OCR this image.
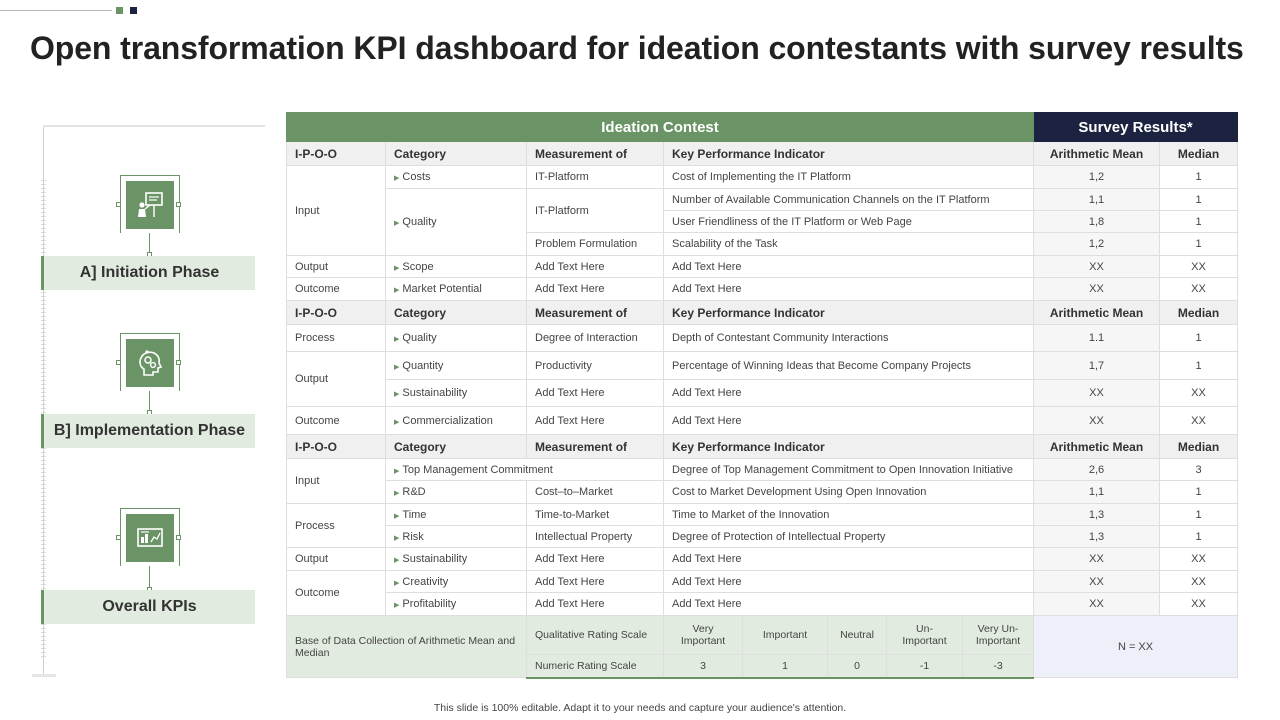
Open transformation KPI dashboard for ideation contestants with survey results
A] Initiation Phase
B] Implementation Phase
Overall KPIs
Ideation Contest								Survey Results*	
I-P-O-O	Category	Measurement of	Key Performance Indicator					Arithmetic Mean	Median
Input	▶ Costs	IT-Platform	Cost of Implementing the IT Platform					1,2	1
	▶ Quality	IT-Platform	Number of Available Communication Channels on the IT Platform					1,1	1
			User Friendliness of the IT Platform or Web Page					1,8	1
		Problem Formulation	Scalability of the Task					1,2	1
Output	▶ Scope	Add Text Here	Add Text Here					XX	XX
Outcome	▶ Market Potential	Add Text Here	Add Text Here					XX	XX
I-P-O-O	Category	Measurement of	Key Performance Indicator					Arithmetic Mean	Median
Process	▶ Quality	Degree of Interaction	Depth of Contestant Community Interactions					1.1	1
Output	▶ Quantity	Productivity	Percentage of Winning Ideas that Become Company Projects					1,7	1
	▶ Sustainability	Add Text Here	Add Text Here					XX	XX
Outcome	▶ Commercialization	Add Text Here	Add Text Here					XX	XX
I-P-O-O	Category	Measurement of	Key Performance Indicator					Arithmetic Mean	Median
Input	▶ Top Management Commitment		Degree of Top Management Commitment to Open Innovation Initiative					2,6	3
	▶ R&D	Cost–to–Market	Cost to Market Development Using Open Innovation					1,1	1
Process	▶ Time	Time-to-Market	Time to Market of the Innovation					1,3	1
	▶ Risk	Intellectual Property	Degree of Protection of Intellectual Property					1,3	1
Output	▶ Sustainability	Add Text Here	Add Text Here					XX	XX
Outcome	▶ Creativity	Add Text Here	Add Text Here					XX	XX
	▶ Profitability	Add Text Here	Add Text Here					XX	XX
Base of Data Collection of Arithmetic Mean and Median		Qualitative Rating Scale	Very Important	Important	Neutral	Un-Important	Very Un-Important	N = XX	
		Numeric Rating Scale	3	1	0	-1	-3		
This slide is 100% editable. Adapt it to your needs and capture your audience's attention.
